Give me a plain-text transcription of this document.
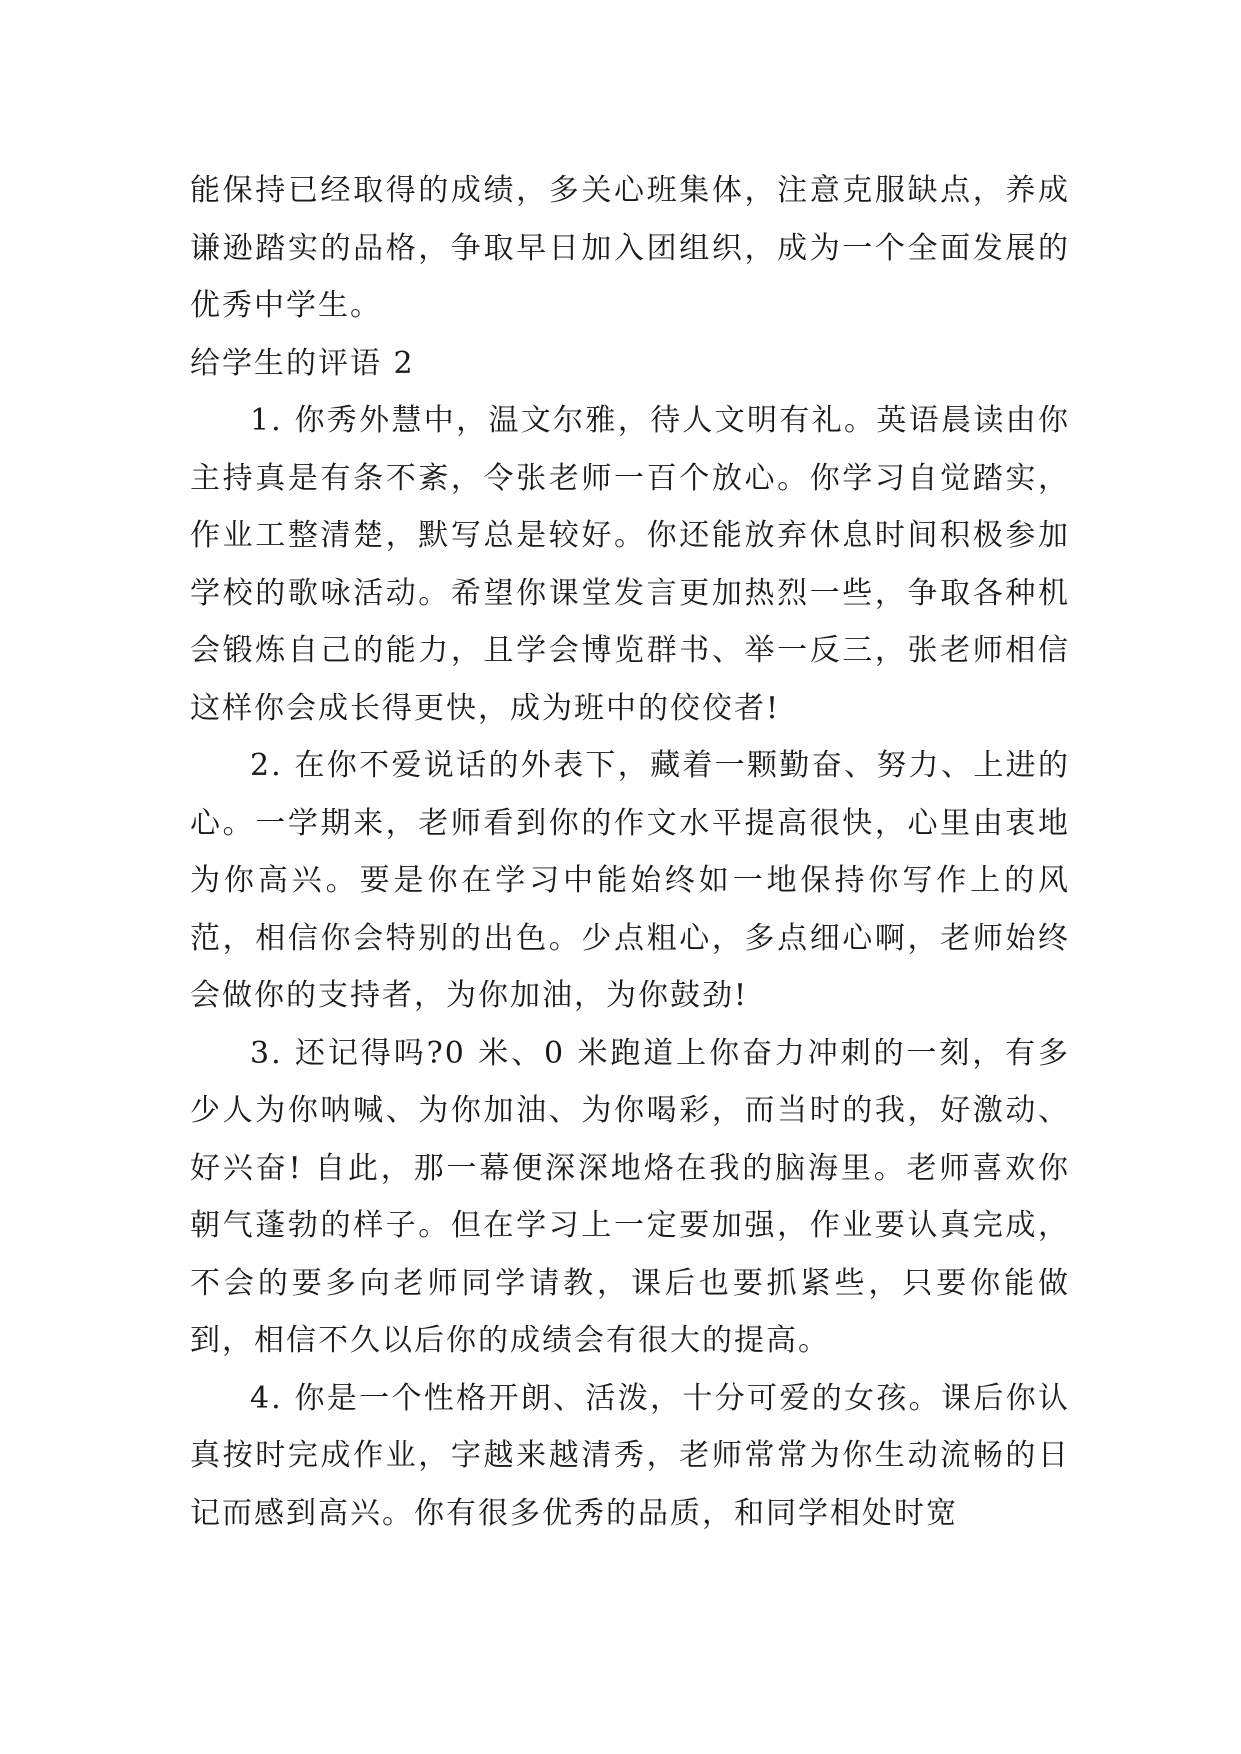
能保持已经取得的成绩，多关心班集体，注意克服缺点，养成谦逊踏实的品格，争取早日加入团组织，成为一个全面发展的优秀中学生。

给学生的评语 2

1. 你秀外慧中，温文尔雅，待人文明有礼。英语晨读由你主持真是有条不紊，令张老师一百个放心。你学习自觉踏实，作业工整清楚，默写总是较好。你还能放弃休息时间积极参加学校的歌咏活动。希望你课堂发言更加热烈一些，争取各种机会锻炼自己的能力，且学会博览群书、举一反三，张老师相信这样你会成长得更快，成为班中的佼佼者!

2. 在你不爱说话的外表下，藏着一颗勤奋、努力、上进的心。一学期来，老师看到你的作文水平提高很快，心里由衷地为你高兴。要是你在学习中能始终如一地保持你写作上的风范，相信你会特别的出色。少点粗心，多点细心啊，老师始终会做你的支持者，为你加油，为你鼓劲!

3. 还记得吗?0 米、0 米跑道上你奋力冲刺的一刻，有多少人为你呐喊、为你加油、为你喝彩，而当时的我，好激动、好兴奋! 自此，那一幕便深深地烙在我的脑海里。老师喜欢你朝气蓬勃的样子。但在学习上一定要加强，作业要认真完成，不会的要多向老师同学请教，课后也要抓紧些，只要你能做到，相信不久以后你的成绩会有很大的提高。

4. 你是一个性格开朗、活泼，十分可爱的女孩。课后你认真按时完成作业，字越来越清秀，老师常常为你生动流畅的日记而感到高兴。你有很多优秀的品质，和同学相处时宽
